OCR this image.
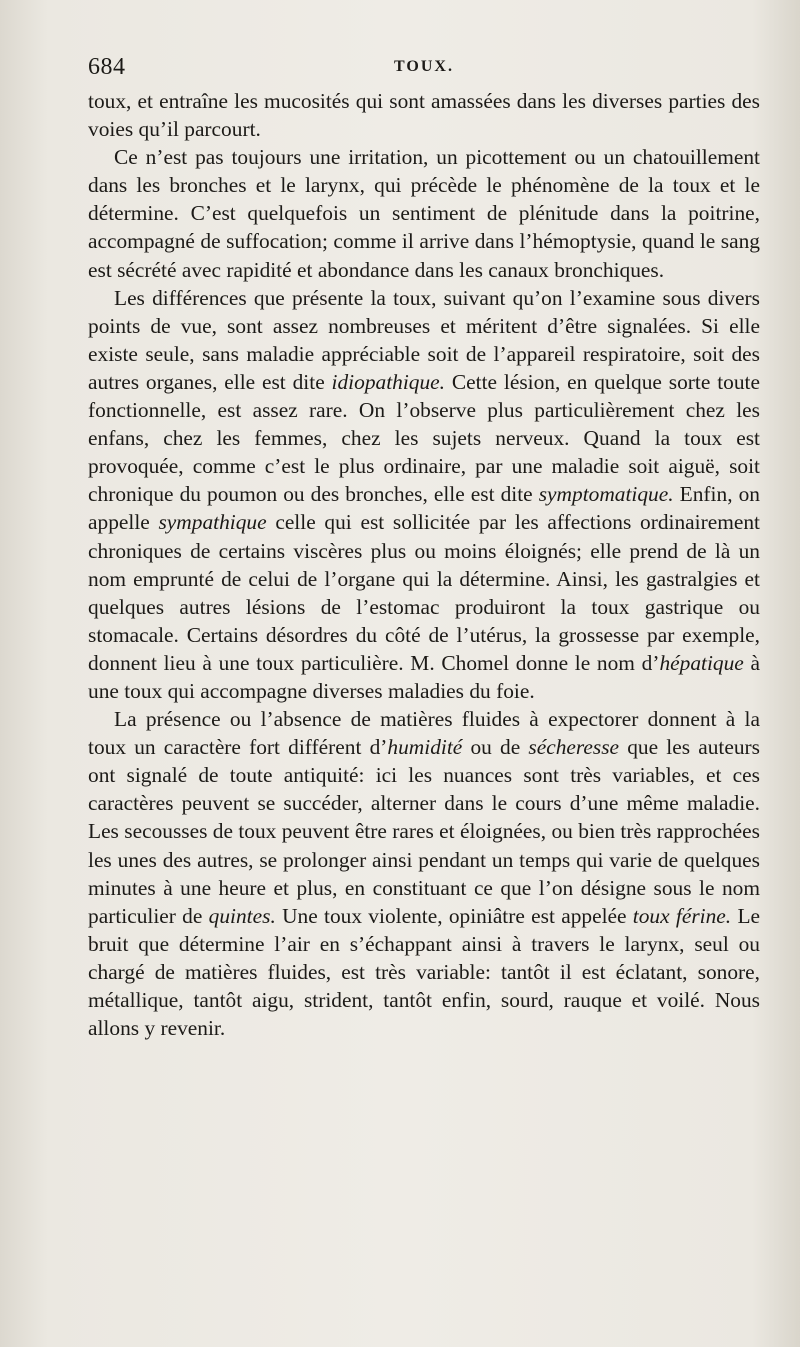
684	TOUX.

toux, et entraîne les mucosités qui sont amassées dans les diverses parties des voies qu’il parcourt.

Ce n’est pas toujours une irritation, un picottement ou un chatouillement dans les bronches et le larynx, qui précède le phénomène de la toux et le détermine. C’est quelquefois un sentiment de plénitude dans la poitrine, accompagné de suffocation; comme il arrive dans l’hémoptysie, quand le sang est sécrété avec rapidité et abondance dans les canaux bronchiques.

Les différences que présente la toux, suivant qu’on l’examine sous divers points de vue, sont assez nombreuses et méritent d’être signalées. Si elle existe seule, sans maladie appréciable soit de l’appareil respiratoire, soit des autres organes, elle est dite idiopathique. Cette lésion, en quelque sorte toute fonctionnelle, est assez rare. On l’observe plus particulièrement chez les enfans, chez les femmes, chez les sujets nerveux. Quand la toux est provoquée, comme c’est le plus ordinaire, par une maladie soit aiguë, soit chronique du poumon ou des bronches, elle est dite symptomatique. Enfin, on appelle sympathique celle qui est sollicitée par les affections ordinairement chroniques de certains viscères plus ou moins éloignés; elle prend de là un nom emprunté de celui de l’organe qui la détermine. Ainsi, les gastralgies et quelques autres lésions de l’estomac produiront la toux gastrique ou stomacale. Certains désordres du côté de l’utérus, la grossesse par exemple, donnent lieu à une toux particulière. M. Chomel donne le nom d’hépatique à une toux qui accompagne diverses maladies du foie.

La présence ou l’absence de matières fluides à expectorer donnent à la toux un caractère fort différent d’humidité ou de sécheresse que les auteurs ont signalé de toute antiquité: ici les nuances sont très variables, et ces caractères peuvent se succéder, alterner dans le cours d’une même maladie. Les secousses de toux peuvent être rares et éloignées, ou bien très rapprochées les unes des autres, se prolonger ainsi pendant un temps qui varie de quelques minutes à une heure et plus, en constituant ce que l’on désigne sous le nom particulier de quintes. Une toux violente, opiniâtre est appelée toux férine. Le bruit que détermine l’air en s’échappant ainsi à travers le larynx, seul ou chargé de matières fluides, est très variable: tantôt il est éclatant, sonore, métallique, tantôt aigu, strident, tantôt enfin, sourd, rauque et voilé. Nous allons y revenir.
